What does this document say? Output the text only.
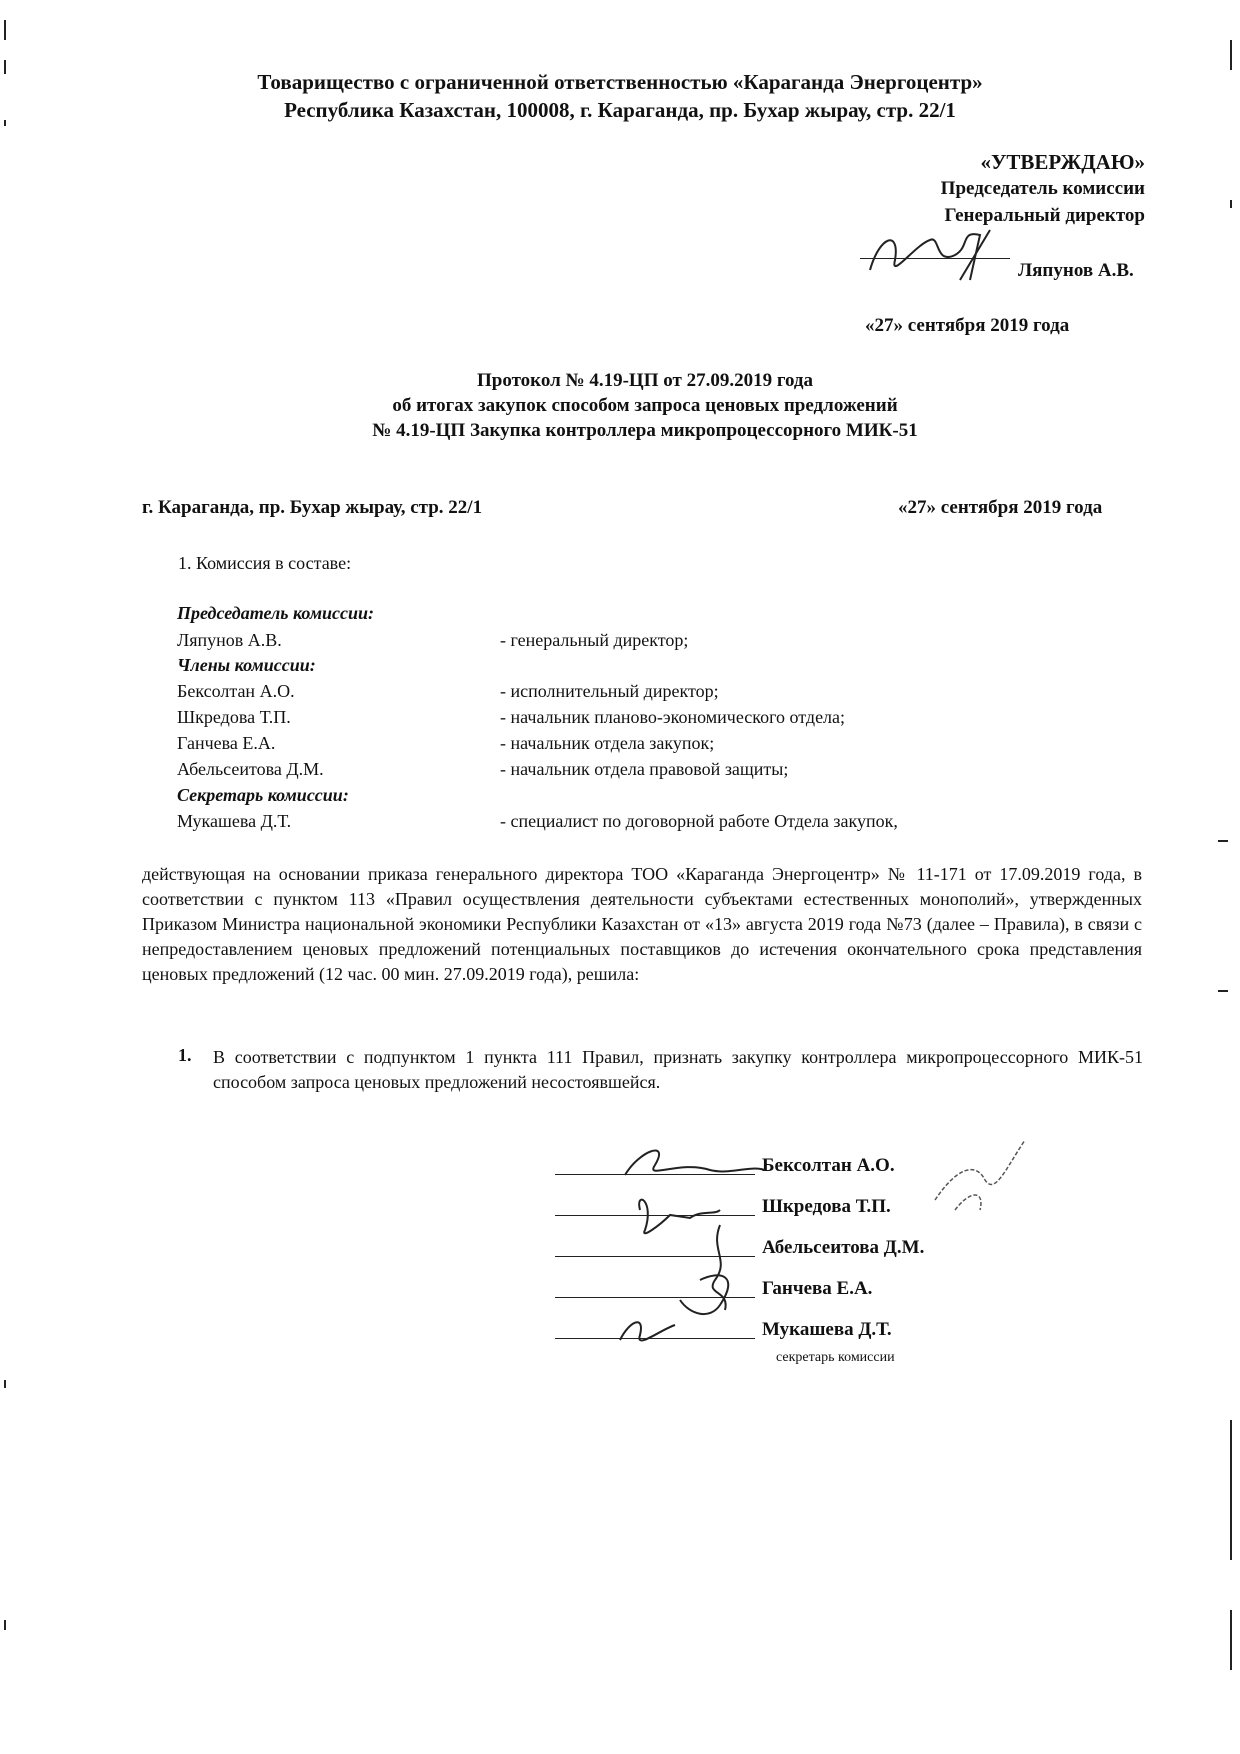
Товарищество с ограниченной ответственностью «Караганда Энергоцентр»
Республика Казахстан, 100008, г. Караганда, пр. Бухар жырау, стр. 22/1
«УТВЕРЖДАЮ»
Председатель комиссии
Генеральный директор
Ляпунов А.В.
«27» сентября 2019 года
Протокол № 4.19-ЦП от 27.09.2019 года
об итогах закупок способом запроса ценовых предложений
№ 4.19-ЦП Закупка контроллера микропроцессорного МИК-51
г. Караганда, пр. Бухар жырау, стр. 22/1	«27» сентября 2019 года
1. Комиссия в составе:
Председатель комиссии:
Ляпунов А.В.	- генеральный директор;
Члены комиссии:
Бексолтан А.О.	- исполнительный директор;
Шкредова Т.П.	- начальник планово-экономического отдела;
Ганчева Е.А.	- начальник отдела закупок;
Абельсеитова Д.М.	- начальник отдела правовой защиты;
Секретарь комиссии:
Мукашева Д.Т.	- специалист по договорной работе Отдела закупок,
действующая на основании приказа генерального директора ТОО «Караганда Энергоцентр» № 11-171 от 17.09.2019 года, в соответствии с пунктом 113 «Правил осуществления деятельности субъектами естественных монополий», утвержденных Приказом Министра национальной экономики Республики Казахстан от «13» августа 2019 года №73 (далее – Правила), в связи с непредоставлением ценовых предложений потенциальных поставщиков до истечения окончательного срока представления ценовых предложений (12 час. 00 мин. 27.09.2019 года), решила:
1. В соответствии с подпунктом 1 пункта 111 Правил, признать закупку контроллера микропроцессорного МИК-51 способом запроса ценовых предложений несостоявшейся.
Бексолтан А.О.
Шкредова Т.П.
Абельсеитова Д.М.
Ганчева Е.А.
Мукашева Д.Т.
секретарь комиссии
